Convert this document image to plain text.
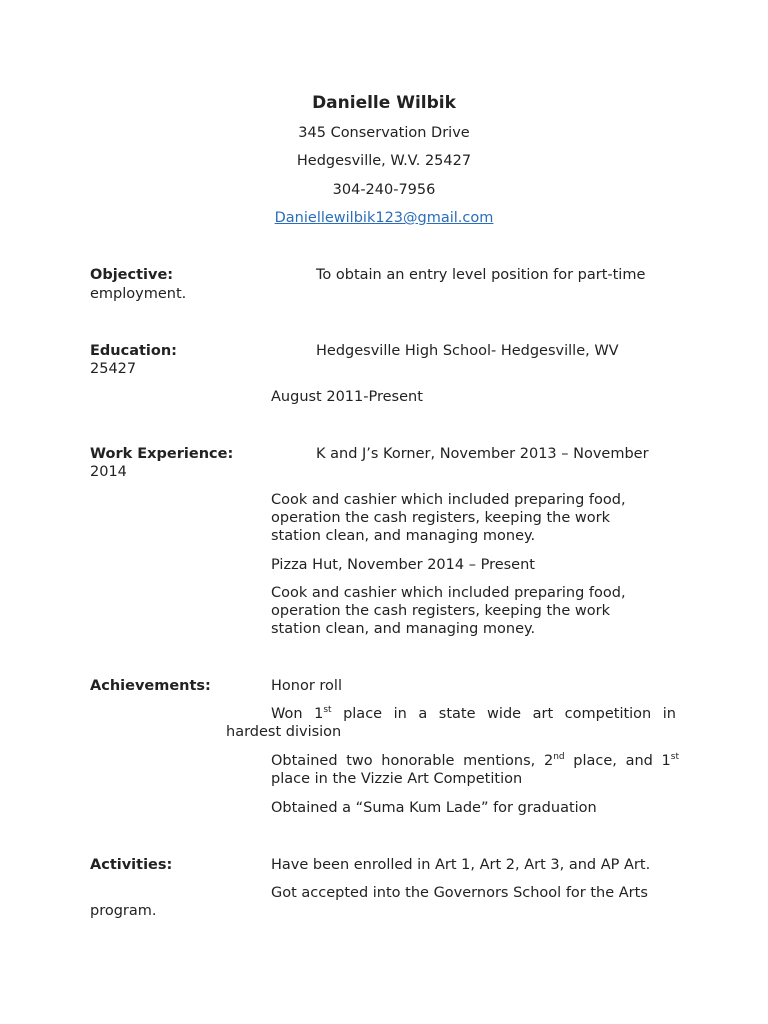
Danielle Wilbik
345 Conservation Drive
Hedgesville, W.V. 25427
304-240-7956
Daniellewilbik123@gmail.com
Objective:	To obtain an entry level position for part-time
employment.
Education:	Hedgesville High School- Hedgesville, WV
25427
August 2011-Present
Work Experience:	K and J’s Korner, November 2013 – November
2014
Cook and cashier which included preparing food,
operation the cash registers, keeping the work
station clean, and managing money.
Pizza Hut, November 2014 – Present
Cook and cashier which included preparing food,
operation the cash registers, keeping the work
station clean, and managing money.
Achievements:	Honor roll
Won 1st place in a state wide art competition in
hardest division
Obtained two honorable mentions, 2nd place, and 1st
place in the Vizzie Art Competition
Obtained a “Suma Kum Lade” for graduation
Activities:	Have been enrolled in Art 1, Art 2, Art 3, and AP Art.
Got accepted into the Governors School for the Arts
program.
